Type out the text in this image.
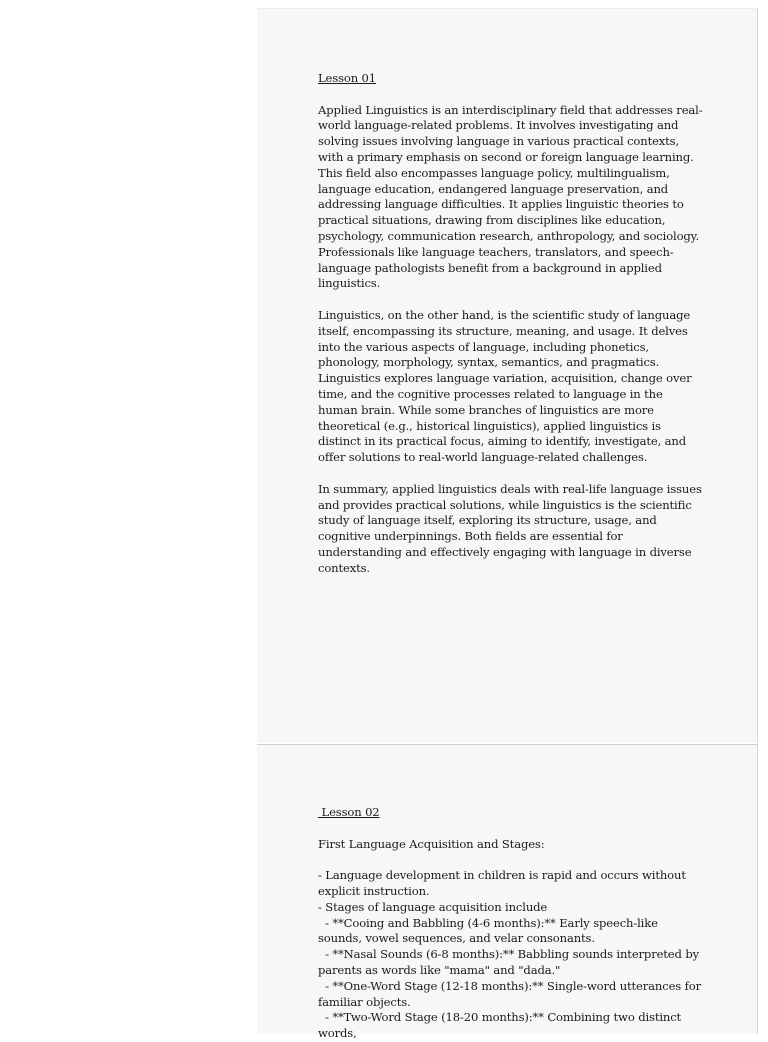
Lesson 01

Applied Linguistics is an interdisciplinary field that addresses real-world language-related problems. It involves investigating and solving issues involving language in various practical contexts, with a primary emphasis on second or foreign language learning. This field also encompasses language policy, multilingualism, language education, endangered language preservation, and addressing language difficulties. It applies linguistic theories to practical situations, drawing from disciplines like education, psychology, communication research, anthropology, and sociology. Professionals like language teachers, translators, and speech-language pathologists benefit from a background in applied linguistics.

Linguistics, on the other hand, is the scientific study of language itself, encompassing its structure, meaning, and usage. It delves into the various aspects of language, including phonetics, phonology, morphology, syntax, semantics, and pragmatics. Linguistics explores language variation, acquisition, change over time, and the cognitive processes related to language in the human brain. While some branches of linguistics are more theoretical (e.g., historical linguistics), applied linguistics is distinct in its practical focus, aiming to identify, investigate, and offer solutions to real-world language-related challenges.

In summary, applied linguistics deals with real-life language issues and provides practical solutions, while linguistics is the scientific study of language itself, exploring its structure, usage, and cognitive underpinnings. Both fields are essential for understanding and effectively engaging with language in diverse contexts.

Lesson 02

First Language Acquisition and Stages:

- Language development in children is rapid and occurs without explicit instruction.
- Stages of language acquisition include
- **Cooing and Babbling (4-6 months):** Early speech-like sounds, vowel sequences, and velar consonants.
- **Nasal Sounds (6-8 months):** Babbling sounds interpreted by parents as words like "mama" and "dada."
- **One-Word Stage (12-18 months):** Single-word utterances for familiar objects.
- **Two-Word Stage (18-20 months):** Combining two distinct words,
